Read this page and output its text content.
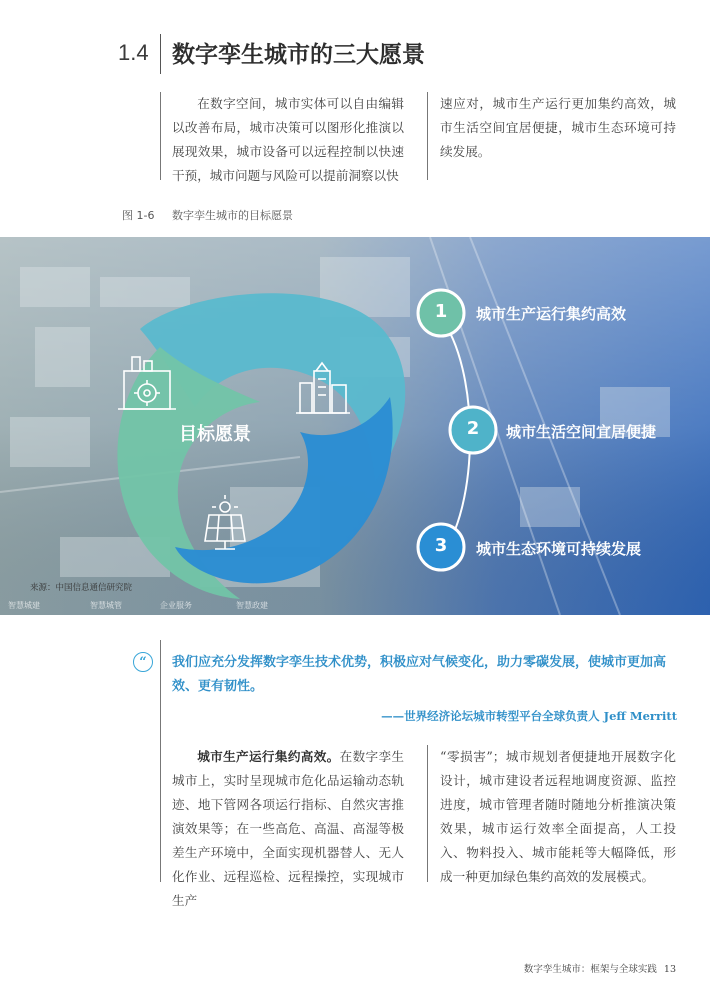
1.4 数字孪生城市的三大愿景

在数字空间，城市实体可以自由编辑以改善布局，城市决策可以图形化推演以展现效果，城市设备可以远程控制以快速干预，城市问题与风险可以提前洞察以快

速应对，城市生产运行更加集约高效，城市生活空间宜居便捷，城市生态环境可持续发展。

图 1-6 数字孪生城市的目标愿景
目标愿景
1 城市生产运行集约高效
2 城市生活空间宜居便捷
3 城市生态环境可持续发展
来源：中国信息通信研究院
智慧城建	智慧城管	企业服务	智慧政建
“	我们应充分发挥数字孪生技术优势，积极应对气候变化，助力零碳发展，使城市更加高效、更有韧性。
——世界经济论坛城市转型平台全球负责人 Jeff Merritt

城市生产运行集约高效。在数字孪生城市上，实时呈现城市危化品运输动态轨迹、地下管网各项运行指标、自然灾害推演效果等；在一些高危、高温、高湿等极差生产环境中，全面实现机器替人、无人化作业、远程巡检、远程操控，实现城市生产

“零损害”；城市规划者便捷地开展数字化设计，城市建设者远程地调度资源、监控进度，城市管理者随时随地分析推演决策效果，城市运行效率全面提高，人工投入、物料投入、城市能耗等大幅降低，形成一种更加绿色集约高效的发展模式。

数字孪生城市：框架与全球实践 13
